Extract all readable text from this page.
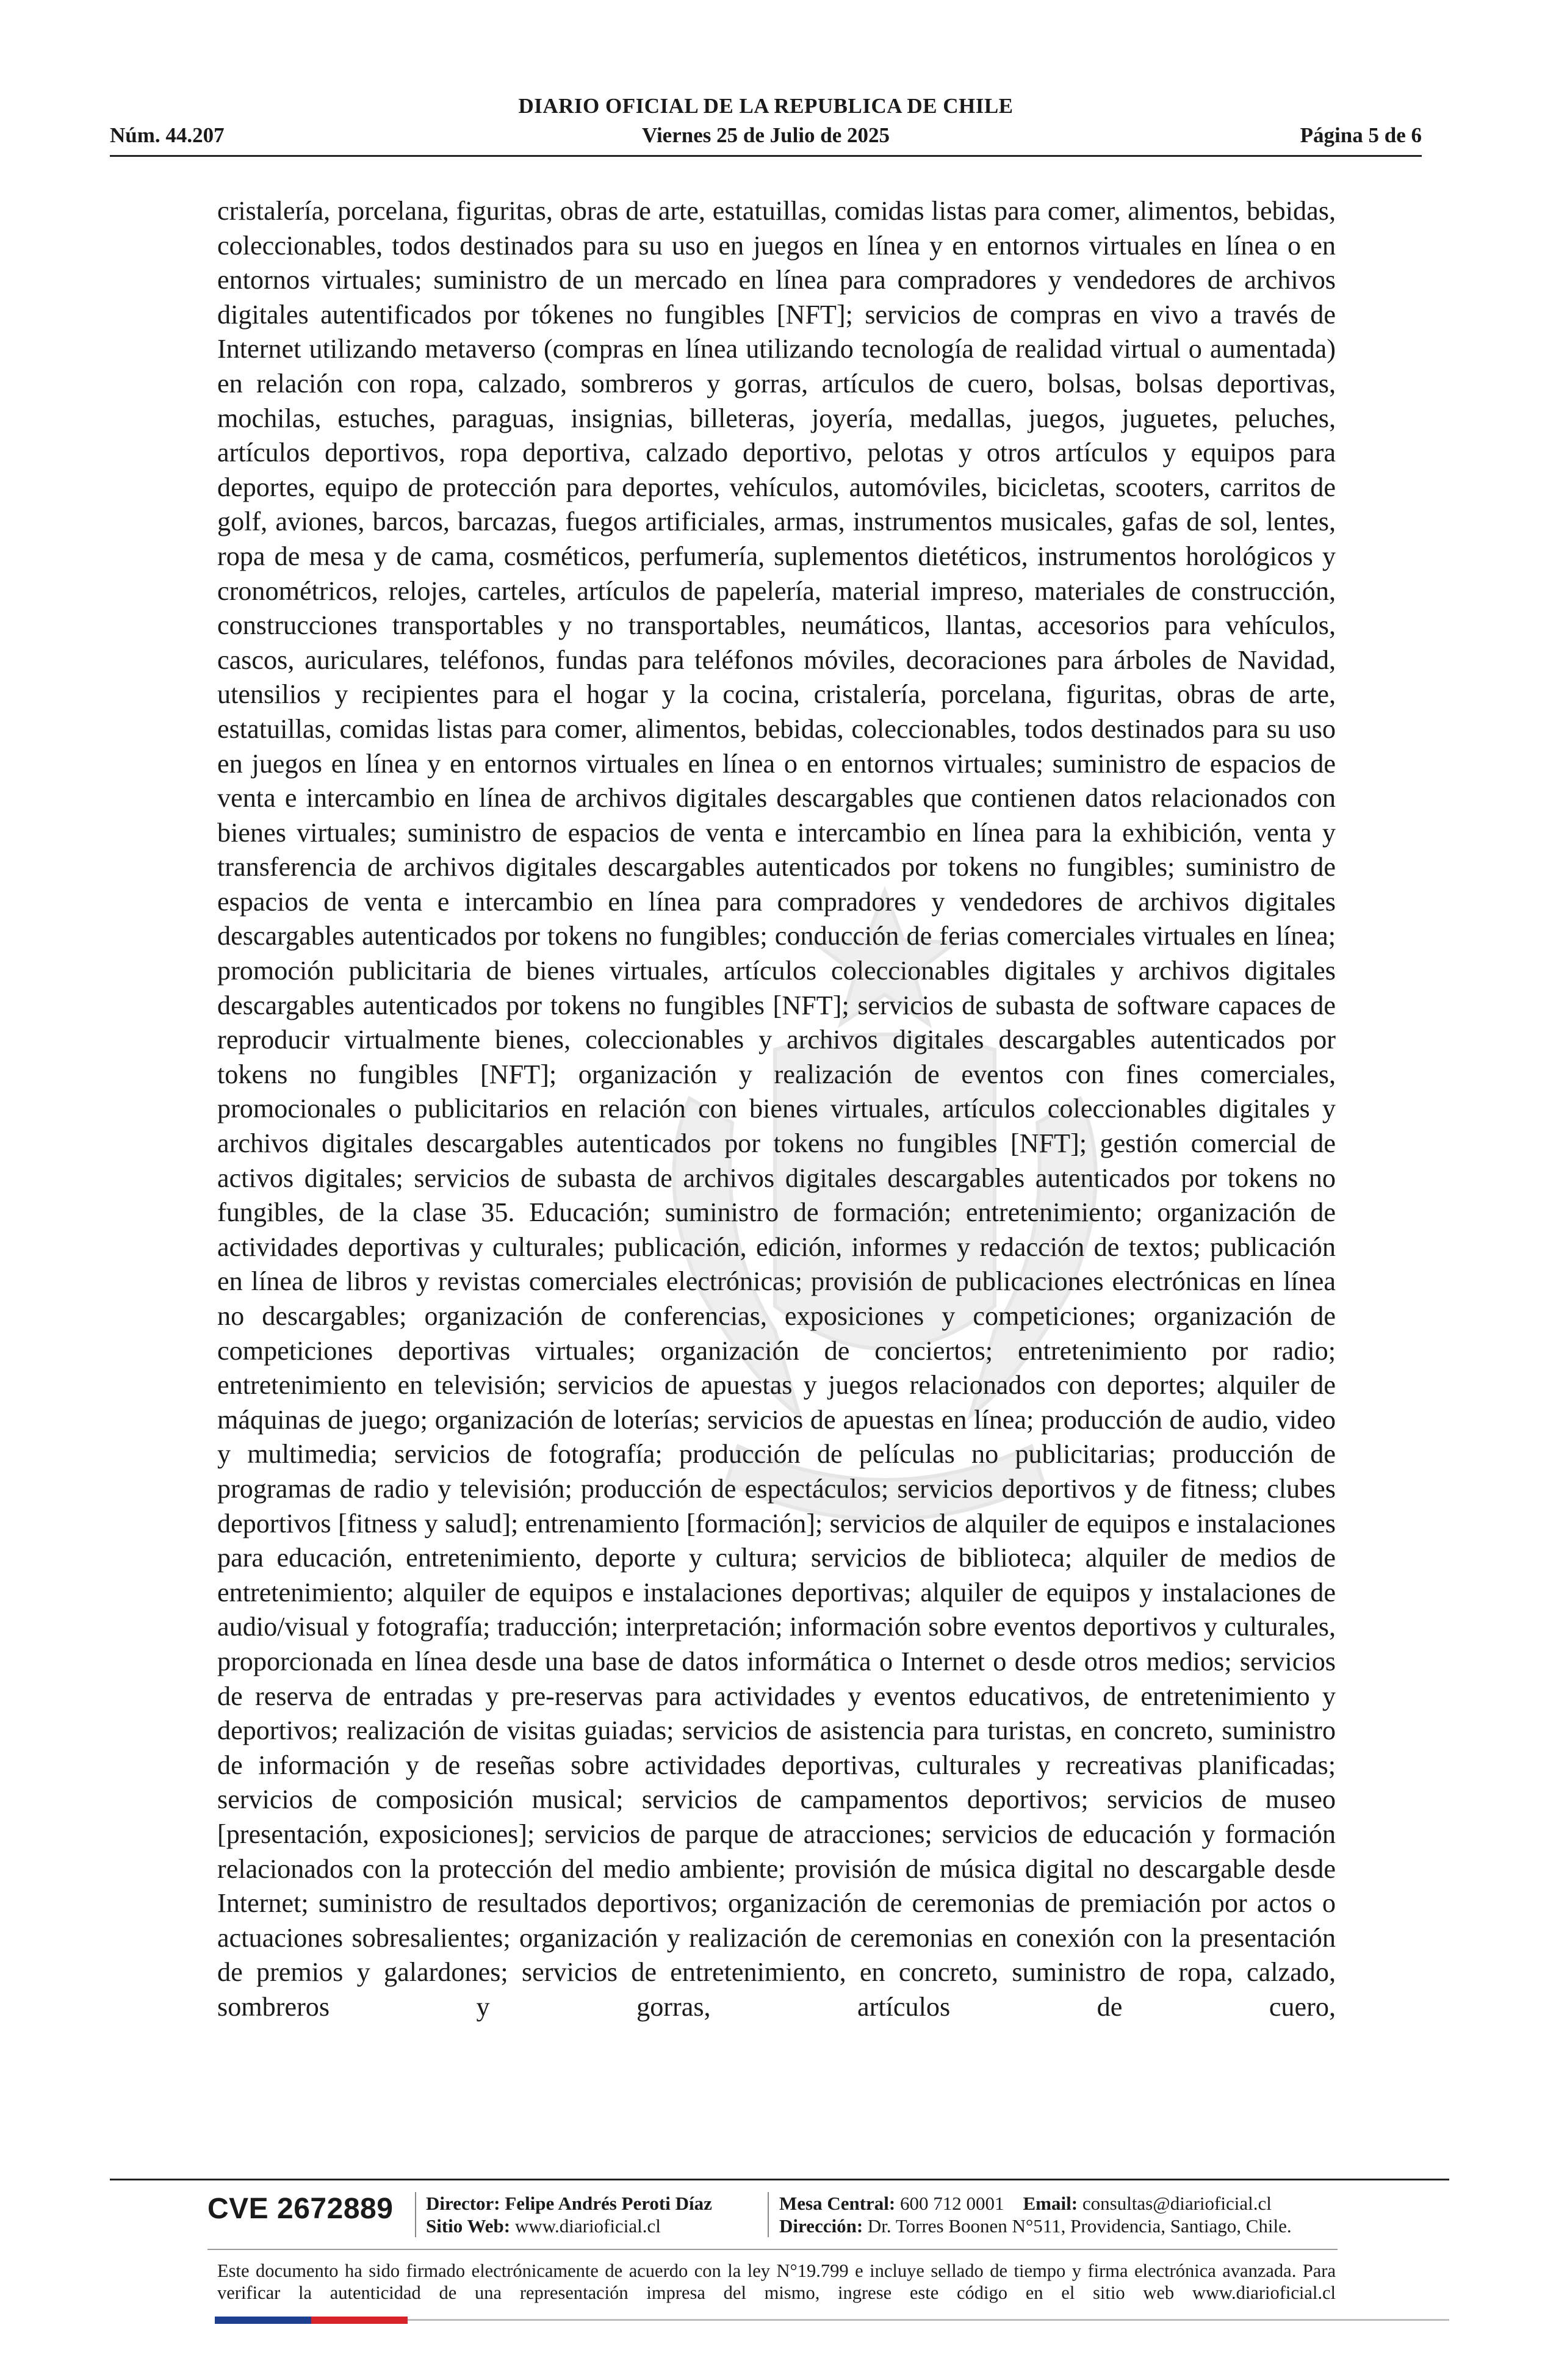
DIARIO OFICIAL DE LA REPUBLICA DE CHILE
Núm. 44.207	Viernes 25 de Julio de 2025	Página 5 de 6
cristalería, porcelana, figuritas, obras de arte, estatuillas, comidas listas para comer, alimentos, bebidas, coleccionables, todos destinados para su uso en juegos en línea y en entornos virtuales en línea o en entornos virtuales; suministro de un mercado en línea para compradores y vendedores de archivos digitales autentificados por tókenes no fungibles [NFT]; servicios de compras en vivo a través de Internet utilizando metaverso (compras en línea utilizando tecnología de realidad virtual o aumentada) en relación con ropa, calzado, sombreros y gorras, artículos de cuero, bolsas, bolsas deportivas, mochilas, estuches, paraguas, insignias, billeteras, joyería, medallas, juegos, juguetes, peluches, artículos deportivos, ropa deportiva, calzado deportivo, pelotas y otros artículos y equipos para deportes, equipo de protección para deportes, vehículos, automóviles, bicicletas, scooters, carritos de golf, aviones, barcos, barcazas, fuegos artificiales, armas, instrumentos musicales, gafas de sol, lentes, ropa de mesa y de cama, cosméticos, perfumería, suplementos dietéticos, instrumentos horológicos y cronométricos, relojes, carteles, artículos de papelería, material impreso, materiales de construcción, construcciones transportables y no transportables, neumáticos, llantas, accesorios para vehículos, cascos, auriculares, teléfonos, fundas para teléfonos móviles, decoraciones para árboles de Navidad, utensilios y recipientes para el hogar y la cocina, cristalería, porcelana, figuritas, obras de arte, estatuillas, comidas listas para comer, alimentos, bebidas, coleccionables, todos destinados para su uso en juegos en línea y en entornos virtuales en línea o en entornos virtuales; suministro de espacios de venta e intercambio en línea de archivos digitales descargables que contienen datos relacionados con bienes virtuales; suministro de espacios de venta e intercambio en línea para la exhibición, venta y transferencia de archivos digitales descargables autenticados por tokens no fungibles; suministro de espacios de venta e intercambio en línea para compradores y vendedores de archivos digitales descargables autenticados por tokens no fungibles; conducción de ferias comerciales virtuales en línea; promoción publicitaria de bienes virtuales, artículos coleccionables digitales y archivos digitales descargables autenticados por tokens no fungibles [NFT]; servicios de subasta de software capaces de reproducir virtualmente bienes, coleccionables y archivos digitales descargables autenticados por tokens no fungibles [NFT]; organización y realización de eventos con fines comerciales, promocionales o publicitarios en relación con bienes virtuales, artículos coleccionables digitales y archivos digitales descargables autenticados por tokens no fungibles [NFT]; gestión comercial de activos digitales; servicios de subasta de archivos digitales descargables autenticados por tokens no fungibles, de la clase 35. Educación; suministro de formación; entretenimiento; organización de actividades deportivas y culturales; publicación, edición, informes y redacción de textos; publicación en línea de libros y revistas comerciales electrónicas; provisión de publicaciones electrónicas en línea no descargables; organización de conferencias, exposiciones y competiciones; organización de competiciones deportivas virtuales; organización de conciertos; entretenimiento por radio; entretenimiento en televisión; servicios de apuestas y juegos relacionados con deportes; alquiler de máquinas de juego; organización de loterías; servicios de apuestas en línea; producción de audio, video y multimedia; servicios de fotografía; producción de películas no publicitarias; producción de programas de radio y televisión; producción de espectáculos; servicios deportivos y de fitness; clubes deportivos [fitness y salud]; entrenamiento [formación]; servicios de alquiler de equipos e instalaciones para educación, entretenimiento, deporte y cultura; servicios de biblioteca; alquiler de medios de entretenimiento; alquiler de equipos e instalaciones deportivas; alquiler de equipos y instalaciones de audio/visual y fotografía; traducción; interpretación; información sobre eventos deportivos y culturales, proporcionada en línea desde una base de datos informática o Internet o desde otros medios; servicios de reserva de entradas y pre-reservas para actividades y eventos educativos, de entretenimiento y deportivos; realización de visitas guiadas; servicios de asistencia para turistas, en concreto, suministro de información y de reseñas sobre actividades deportivas, culturales y recreativas planificadas; servicios de composición musical; servicios de campamentos deportivos; servicios de museo [presentación, exposiciones]; servicios de parque de atracciones; servicios de educación y formación relacionados con la protección del medio ambiente; provisión de música digital no descargable desde Internet; suministro de resultados deportivos; organización de ceremonias de premiación por actos o actuaciones sobresalientes; organización y realización de ceremonias en conexión con la presentación de premios y galardones; servicios de entretenimiento, en concreto, suministro de ropa, calzado, sombreros y gorras, artículos de cuero,
CVE 2672889 Director: Felipe Andrés Peroti Díaz
Sitio Web: www.diarioficial.cl
Mesa Central: 600 712 0001 Email: consultas@diarioficial.cl
Dirección: Dr. Torres Boonen N°511, Providencia, Santiago, Chile.
Este documento ha sido firmado electrónicamente de acuerdo con la ley N°19.799 e incluye sellado de tiempo y firma electrónica avanzada. Para verificar la autenticidad de una representación impresa del mismo, ingrese este código en el sitio web www.diarioficial.cl
